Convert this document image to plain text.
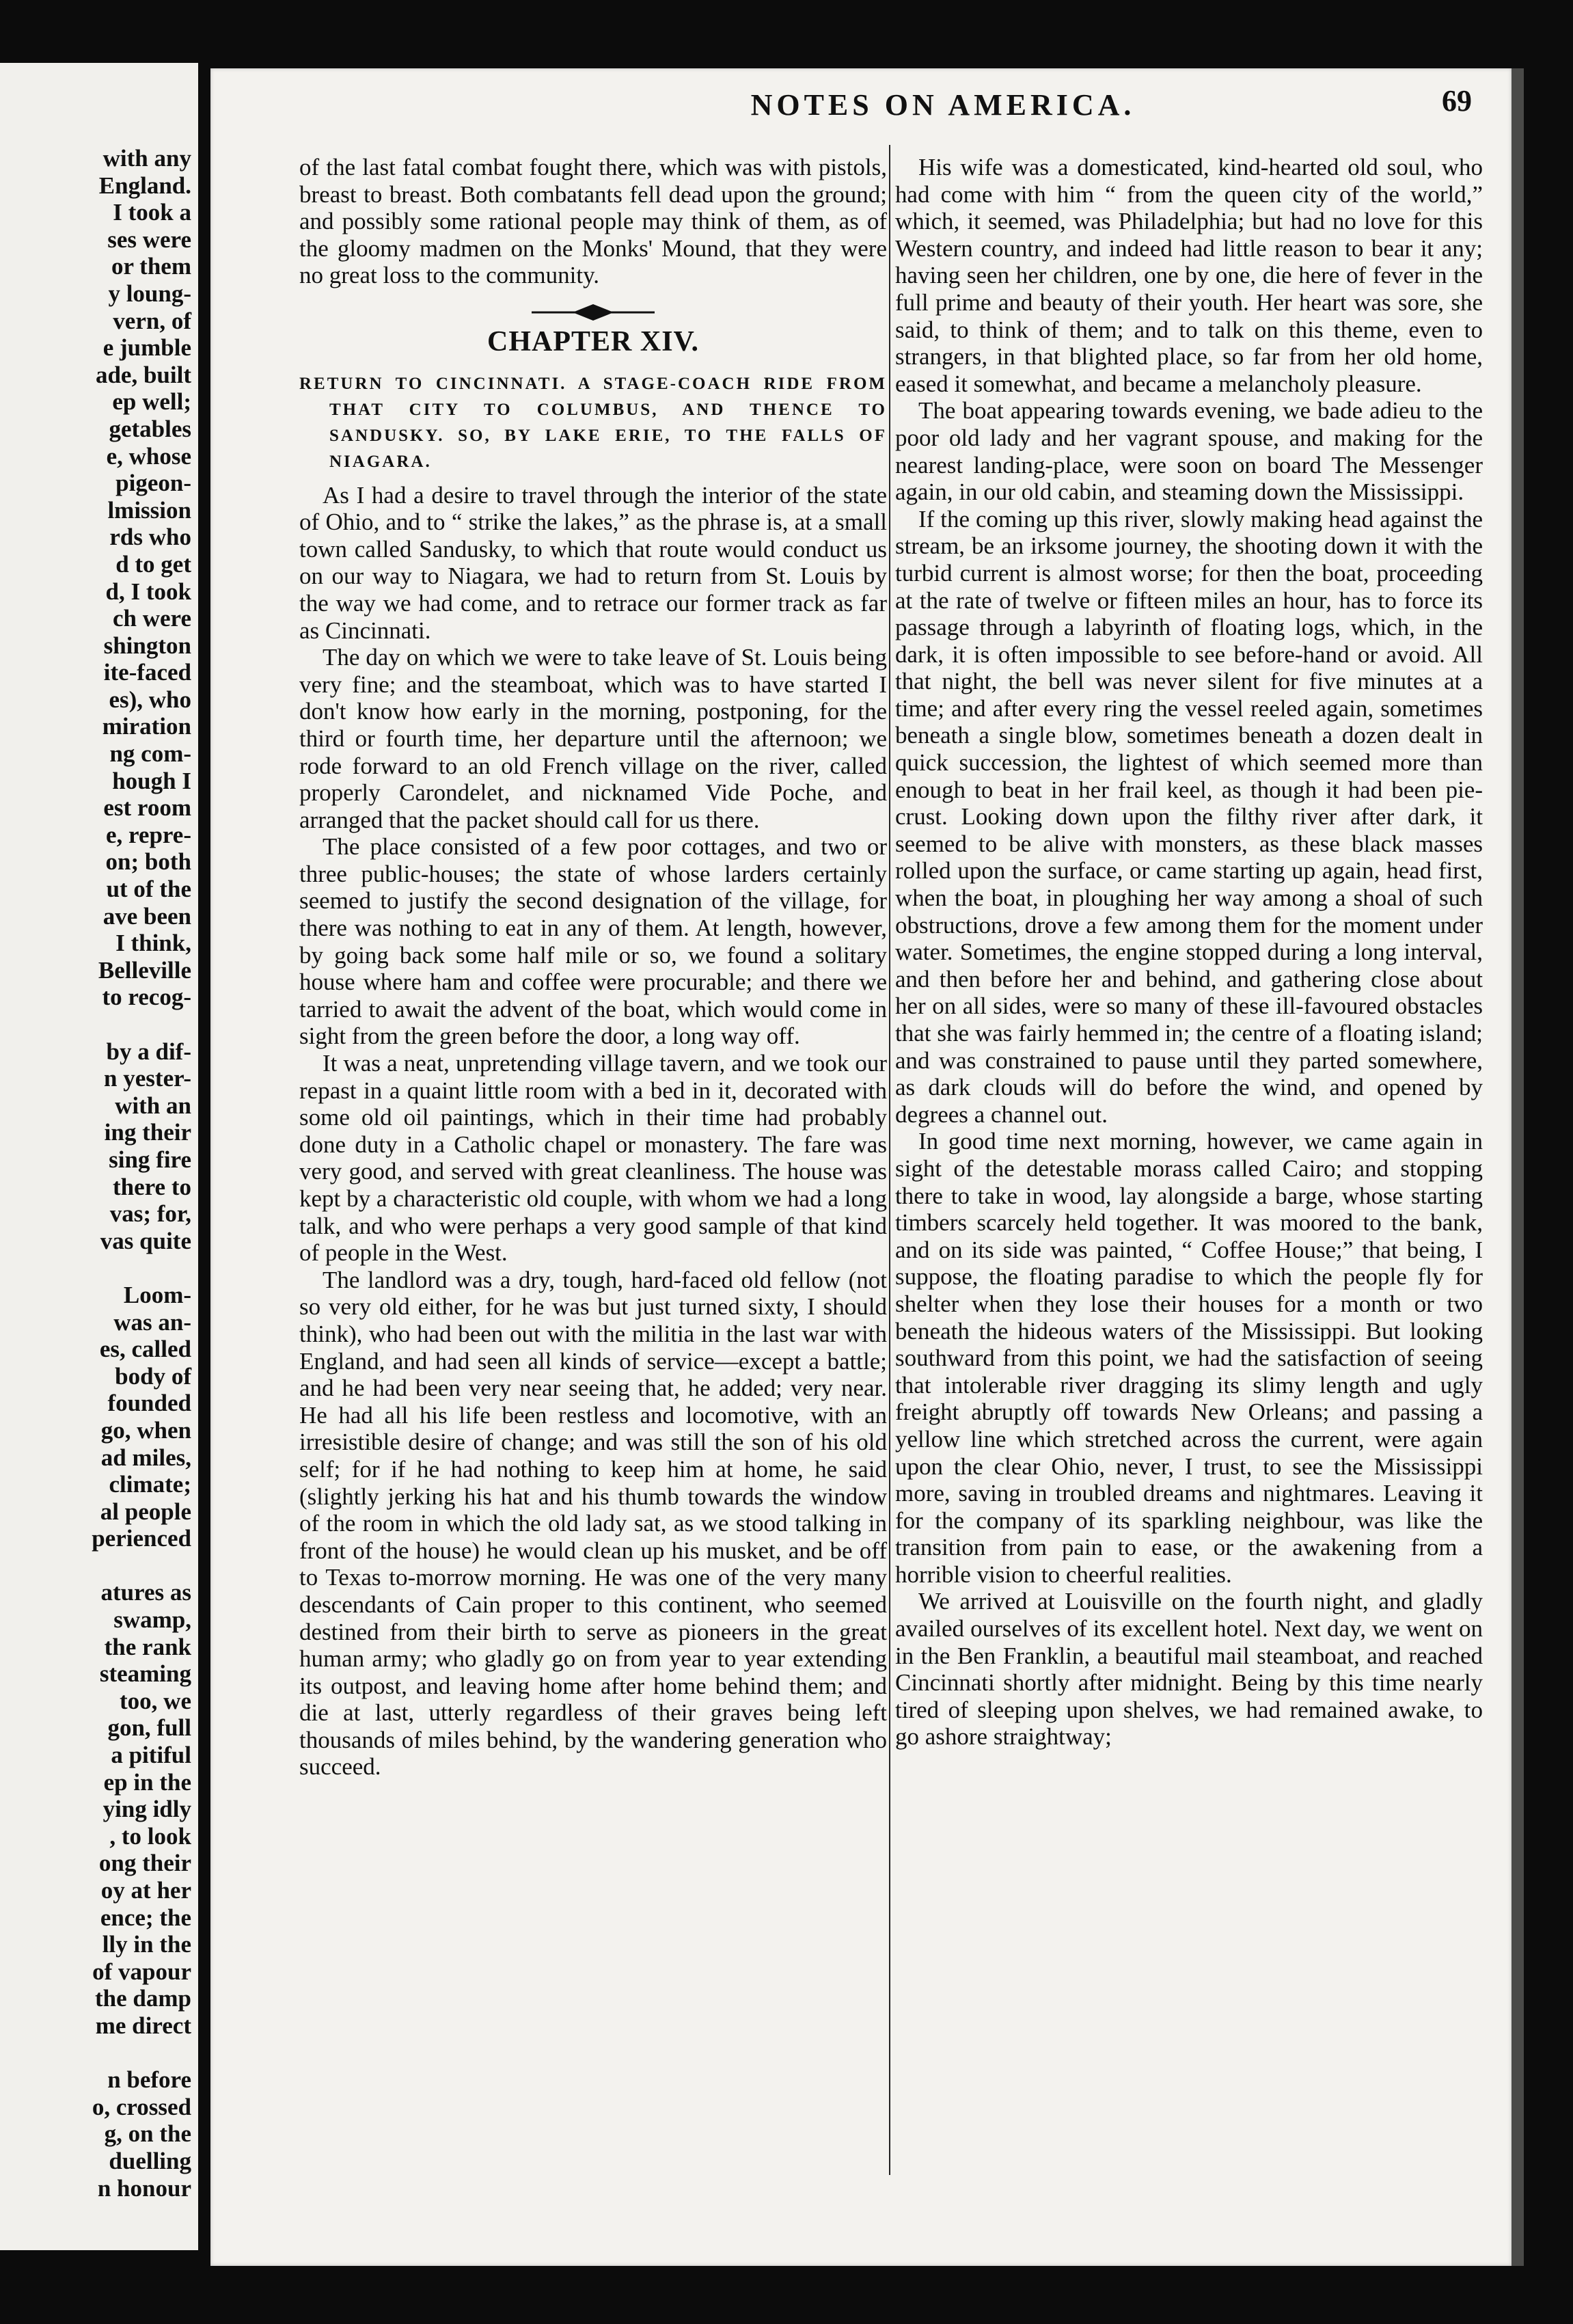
with any
England.
I took a
ses were
or them
y loung-
vern, of
e jumble
ade, built
ep well;
getables
e, whose
pigeon-
lmission
rds who
d to get
d, I took
ch were
shington
ite-faced
es), who
miration
ng com-
hough I
est room
e, repre-
on; both
ut of the
ave been
I think,
Belleville
to recog-

by a dif-
n yester-
with an
ing their
sing fire
there to
vas; for,
vas quite

Loom-
was an-
es, called
body of
founded
go, when
ad miles,
climate;
al people
perienced

atures as
swamp,
the rank
steaming
too, we
gon, full
a pitiful
ep in the
ying idly
, to look
ong their
oy at her
ence; the
lly in the
of vapour
the damp
me direct

n before
o, crossed
g, on the
duelling
n honour
NOTES ON AMERICA.	69

of the last fatal combat fought there, which was with pistols, breast to breast. Both combatants fell dead upon the ground; and possibly some rational people may think of them, as of the gloomy madmen on the Monks' Mound, that they were no great loss to the community.

CHAPTER XIV.
RETURN TO CINCINNATI. A STAGE-COACH RIDE FROM THAT CITY TO COLUMBUS, AND THENCE TO SANDUSKY. SO, BY LAKE ERIE, TO THE FALLS OF NIAGARA.

As I had a desire to travel through the interior of the state of Ohio, and to “ strike the lakes,” as the phrase is, at a small town called Sandusky, to which that route would conduct us on our way to Niagara, we had to return from St. Louis by the way we had come, and to retrace our former track as far as Cincinnati.

The day on which we were to take leave of St. Louis being very fine; and the steamboat, which was to have started I don't know how early in the morning, postponing, for the third or fourth time, her departure until the afternoon; we rode forward to an old French village on the river, called properly Carondelet, and nicknamed Vide Poche, and arranged that the packet should call for us there.

The place consisted of a few poor cottages, and two or three public-houses; the state of whose larders certainly seemed to justify the second designation of the village, for there was nothing to eat in any of them. At length, however, by going back some half mile or so, we found a solitary house where ham and coffee were procurable; and there we tarried to await the advent of the boat, which would come in sight from the green before the door, a long way off.

It was a neat, unpretending village tavern, and we took our repast in a quaint little room with a bed in it, decorated with some old oil paintings, which in their time had probably done duty in a Catholic chapel or monastery. The fare was very good, and served with great cleanliness. The house was kept by a characteristic old couple, with whom we had a long talk, and who were perhaps a very good sample of that kind of people in the West.

The landlord was a dry, tough, hard-faced old fellow (not so very old either, for he was but just turned sixty, I should think), who had been out with the militia in the last war with England, and had seen all kinds of service—except a battle; and he had been very near seeing that, he added; very near. He had all his life been restless and locomotive, with an irresistible desire of change; and was still the son of his old self; for if he had nothing to keep him at home, he said (slightly jerking his hat and his thumb towards the window of the room in which the old lady sat, as we stood talking in front of the house) he would clean up his musket, and be off to Texas to-morrow morning. He was one of the very many descendants of Cain proper to this continent, who seemed destined from their birth to serve as pioneers in the great human army; who gladly go on from year to year extending its outpost, and leaving home after home behind them; and die at last, utterly regardless of their graves being left thousands of miles behind, by the wandering generation who succeed.

His wife was a domesticated, kind-hearted old soul, who had come with him “ from the queen city of the world,” which, it seemed, was Philadelphia; but had no love for this Western country, and indeed had little reason to bear it any; having seen her children, one by one, die here of fever in the full prime and beauty of their youth. Her heart was sore, she said, to think of them; and to talk on this theme, even to strangers, in that blighted place, so far from her old home, eased it somewhat, and became a melancholy pleasure.

The boat appearing towards evening, we bade adieu to the poor old lady and her vagrant spouse, and making for the nearest landing-place, were soon on board The Messenger again, in our old cabin, and steaming down the Mississippi.

If the coming up this river, slowly making head against the stream, be an irksome journey, the shooting down it with the turbid current is almost worse; for then the boat, proceeding at the rate of twelve or fifteen miles an hour, has to force its passage through a labyrinth of floating logs, which, in the dark, it is often impossible to see before-hand or avoid. All that night, the bell was never silent for five minutes at a time; and after every ring the vessel reeled again, sometimes beneath a single blow, sometimes beneath a dozen dealt in quick succession, the lightest of which seemed more than enough to beat in her frail keel, as though it had been pie-crust. Looking down upon the filthy river after dark, it seemed to be alive with monsters, as these black masses rolled upon the surface, or came starting up again, head first, when the boat, in ploughing her way among a shoal of such obstructions, drove a few among them for the moment under water. Sometimes, the engine stopped during a long interval, and then before her and behind, and gathering close about her on all sides, were so many of these ill-favoured obstacles that she was fairly hemmed in; the centre of a floating island; and was constrained to pause until they parted somewhere, as dark clouds will do before the wind, and opened by degrees a channel out.

In good time next morning, however, we came again in sight of the detestable morass called Cairo; and stopping there to take in wood, lay alongside a barge, whose starting timbers scarcely held together. It was moored to the bank, and on its side was painted, “ Coffee House;” that being, I suppose, the floating paradise to which the people fly for shelter when they lose their houses for a month or two beneath the hideous waters of the Mississippi. But looking southward from this point, we had the satisfaction of seeing that intolerable river dragging its slimy length and ugly freight abruptly off towards New Orleans; and passing a yellow line which stretched across the current, were again upon the clear Ohio, never, I trust, to see the Mississippi more, saving in troubled dreams and nightmares. Leaving it for the company of its sparkling neighbour, was like the transition from pain to ease, or the awakening from a horrible vision to cheerful realities.

We arrived at Louisville on the fourth night, and gladly availed ourselves of its excellent hotel. Next day, we went on in the Ben Franklin, a beautiful mail steamboat, and reached Cincinnati shortly after midnight. Being by this time nearly tired of sleeping upon shelves, we had remained awake, to go ashore straightway;
